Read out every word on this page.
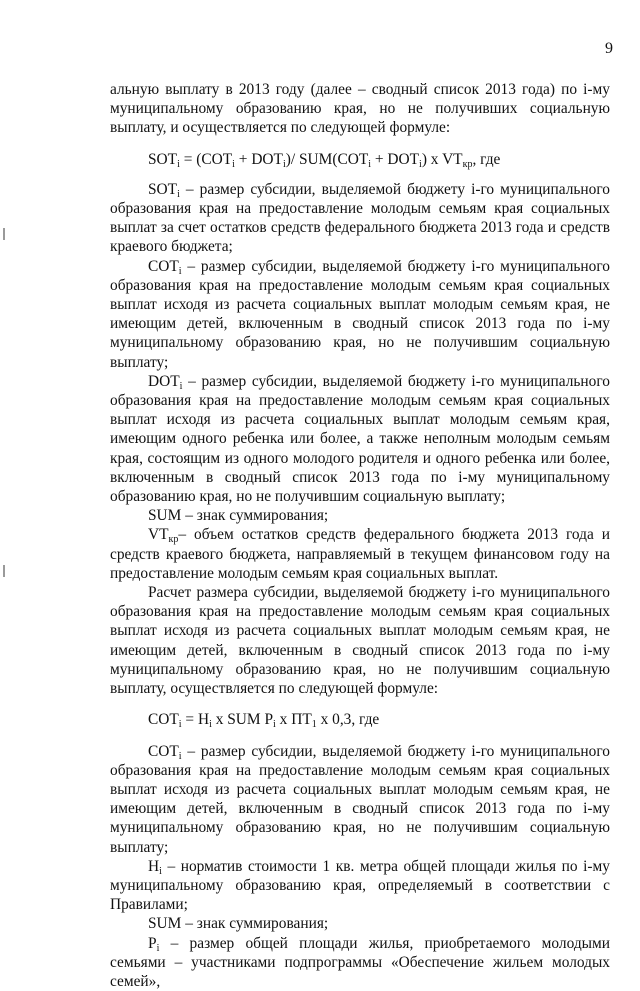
9

альную выплату в 2013 году (далее – сводный список 2013 года) по i-му муниципальному образованию края, но не получивших социальную выплату, и осуществляется по следующей формуле:

$SOT_i = (COT_i + DOT_i)/$ $SUM(COT_i + DOT_i)$ x $VT_{кр}$, где

$SOT_i$ – размер субсидии, выделяемой бюджету i-го муниципального образования края на предоставление молодым семьям края социальных выплат за счет остатков средств федерального бюджета 2013 года и средств краевого бюджета;

$COT_i$ – размер субсидии, выделяемой бюджету i-го муниципального образования края на предоставление молодым семьям края социальных выплат исходя из расчета социальных выплат молодым семьям края, не имеющим детей, включенным в сводный список 2013 года по i-му муниципальному образованию края, но не получившим социальную выплату;

$DOT_i$ – размер субсидии, выделяемой бюджету i-го муниципального образования края на предоставление молодым семьям края социальных выплат исходя из расчета социальных выплат молодым семьям края, имеющим одного ребенка или более, а также неполным молодым семьям края, состоящим из одного молодого родителя и одного ребенка или более, включенным в сводный список 2013 года по i-му муниципальному образованию края, но не получившим социальную выплату;

SUM – знак суммирования;

$VT_{кр}-$ объем остатков средств федерального бюджета 2013 года и средств краевого бюджета, направляемый в текущем финансовом году на предоставление молодым семьям края социальных выплат.

Расчет размера субсидии, выделяемой бюджету i-го муниципального образования края на предоставление молодым семьям края социальных выплат исходя из расчета социальных выплат молодым семьям края, не имеющим детей, включенным в сводный список 2013 года по i-му муниципальному образованию края, но не получившим социальную выплату, осуществляется по следующей формуле:

$COT_i = H_i$ x SUM $P_i$ x $ПТ_1$ x 0,3, где

$COT_i$ – размер субсидии, выделяемой бюджету i-го муниципального образования края на предоставление молодым семьям края социальных выплат исходя из расчета социальных выплат молодым семьям края, не имеющим детей, включенным в сводный список 2013 года по i-му муниципальному образованию края, но не получившим социальную выплату;

$H_i$ – норматив стоимости 1 кв. метра общей площади жилья по i-му муниципальному образованию края, определяемый в соответствии с Правилами;

SUM – знак суммирования;

$P_i$ – размер общей площади жилья, приобретаемого молодыми семьями – участниками подпрограммы «Обеспечение жильем молодых семей»,
